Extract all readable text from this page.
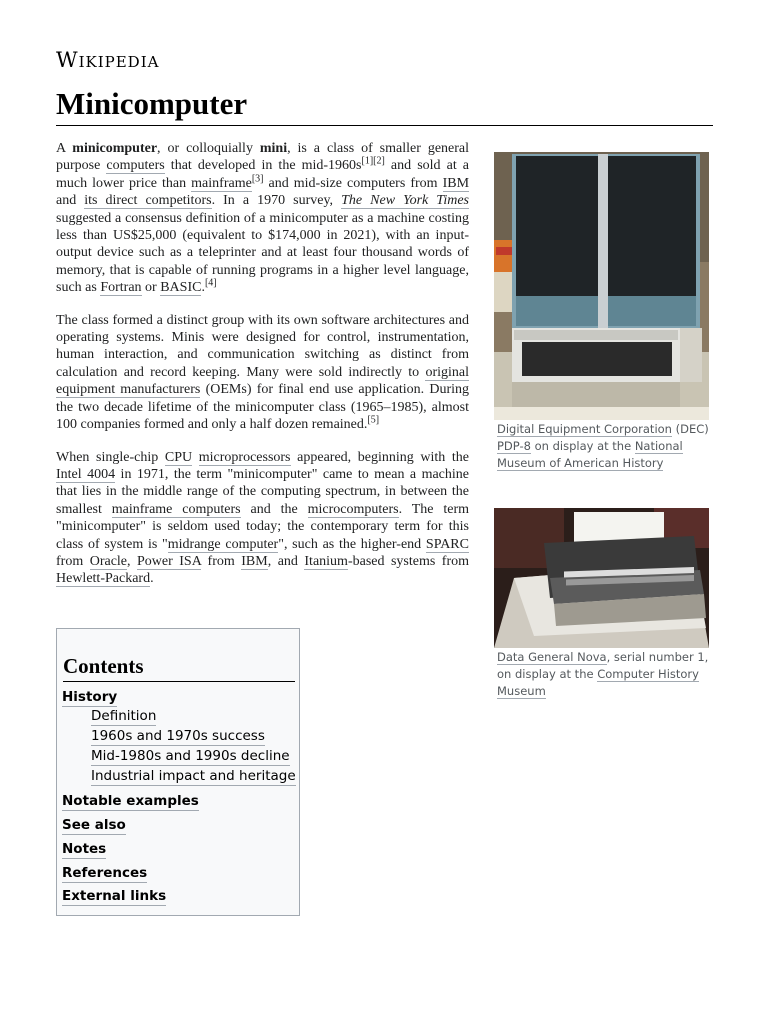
Wikipedia
Minicomputer

A minicomputer, or colloquially mini, is a class of smaller general purpose computers that developed in the mid-1960s[1][2] and sold at a much lower price than mainframe[3] and mid-size computers from IBM and its direct competitors. In a 1970 survey, The New York Times suggested a consensus definition of a minicomputer as a machine costing less than US$25,000 (equivalent to $174,000 in 2021), with an input-output device such as a teleprinter and at least four thousand words of memory, that is capable of running programs in a higher level language, such as Fortran or BASIC.[4]

The class formed a distinct group with its own software architectures and operating systems. Minis were designed for control, instrumentation, human interaction, and communication switching as distinct from calculation and record keeping. Many were sold indirectly to original equipment manufacturers (OEMs) for final end use application. During the two decade lifetime of the minicomputer class (1965–1985), almost 100 companies formed and only a half dozen remained.[5]

When single-chip CPU microprocessors appeared, beginning with the Intel 4004 in 1971, the term "minicomputer" came to mean a machine that lies in the middle range of the computing spectrum, in between the smallest mainframe computers and the microcomputers. The term "minicomputer" is seldom used today; the contemporary term for this class of system is "midrange computer", such as the higher-end SPARC from Oracle, Power ISA from IBM, and Itanium-based systems from Hewlett-Packard.

Contents
History
Definition
1960s and 1970s success
Mid-1980s and 1990s decline
Industrial impact and heritage
Notable examples
See also
Notes
References
External links
Digital Equipment Corporation (DEC) PDP-8 on display at the National Museum of American History
Data General Nova, serial number 1, on display at the Computer History Museum
